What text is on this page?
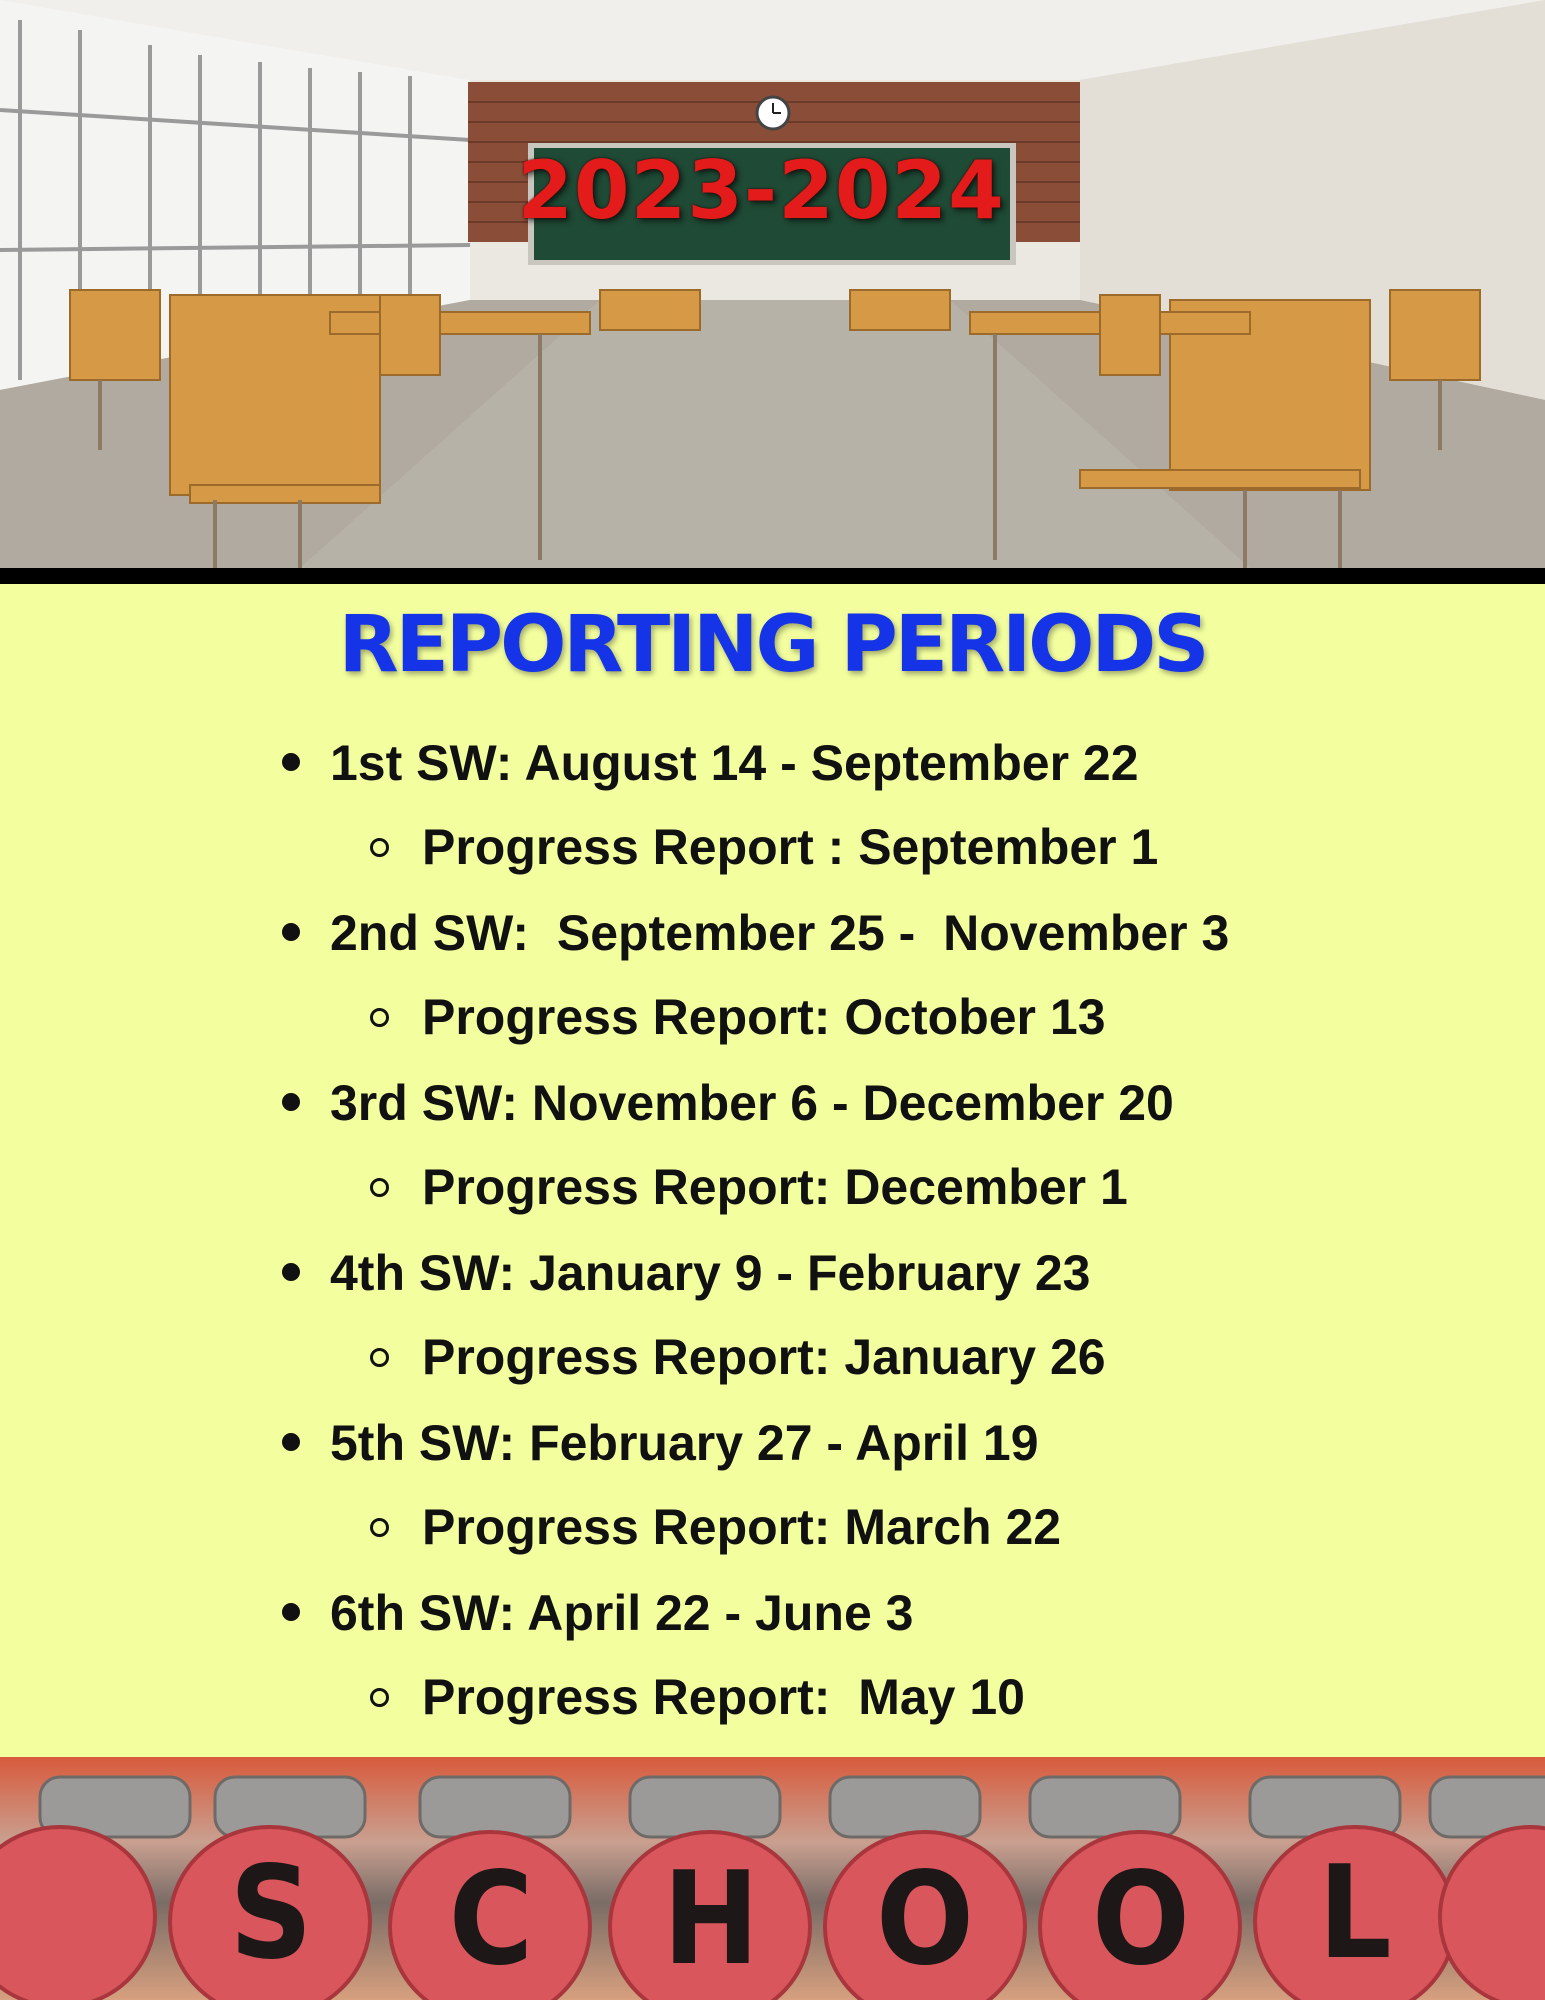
2023-2024
REPORTING PERIODS
1st SW: August 14 - September 22
Progress Report : September 1
2nd SW:  September 25 -  November 3
Progress Report: October 13
3rd SW: November 6 - December 20
Progress Report: December 1
4th SW: January 9 - February 23
Progress Report: January 26
5th SW: February 27 - April 19
Progress Report: March 22
6th SW: April 22 - June 3
Progress Report:  May 10
S C H O O L
